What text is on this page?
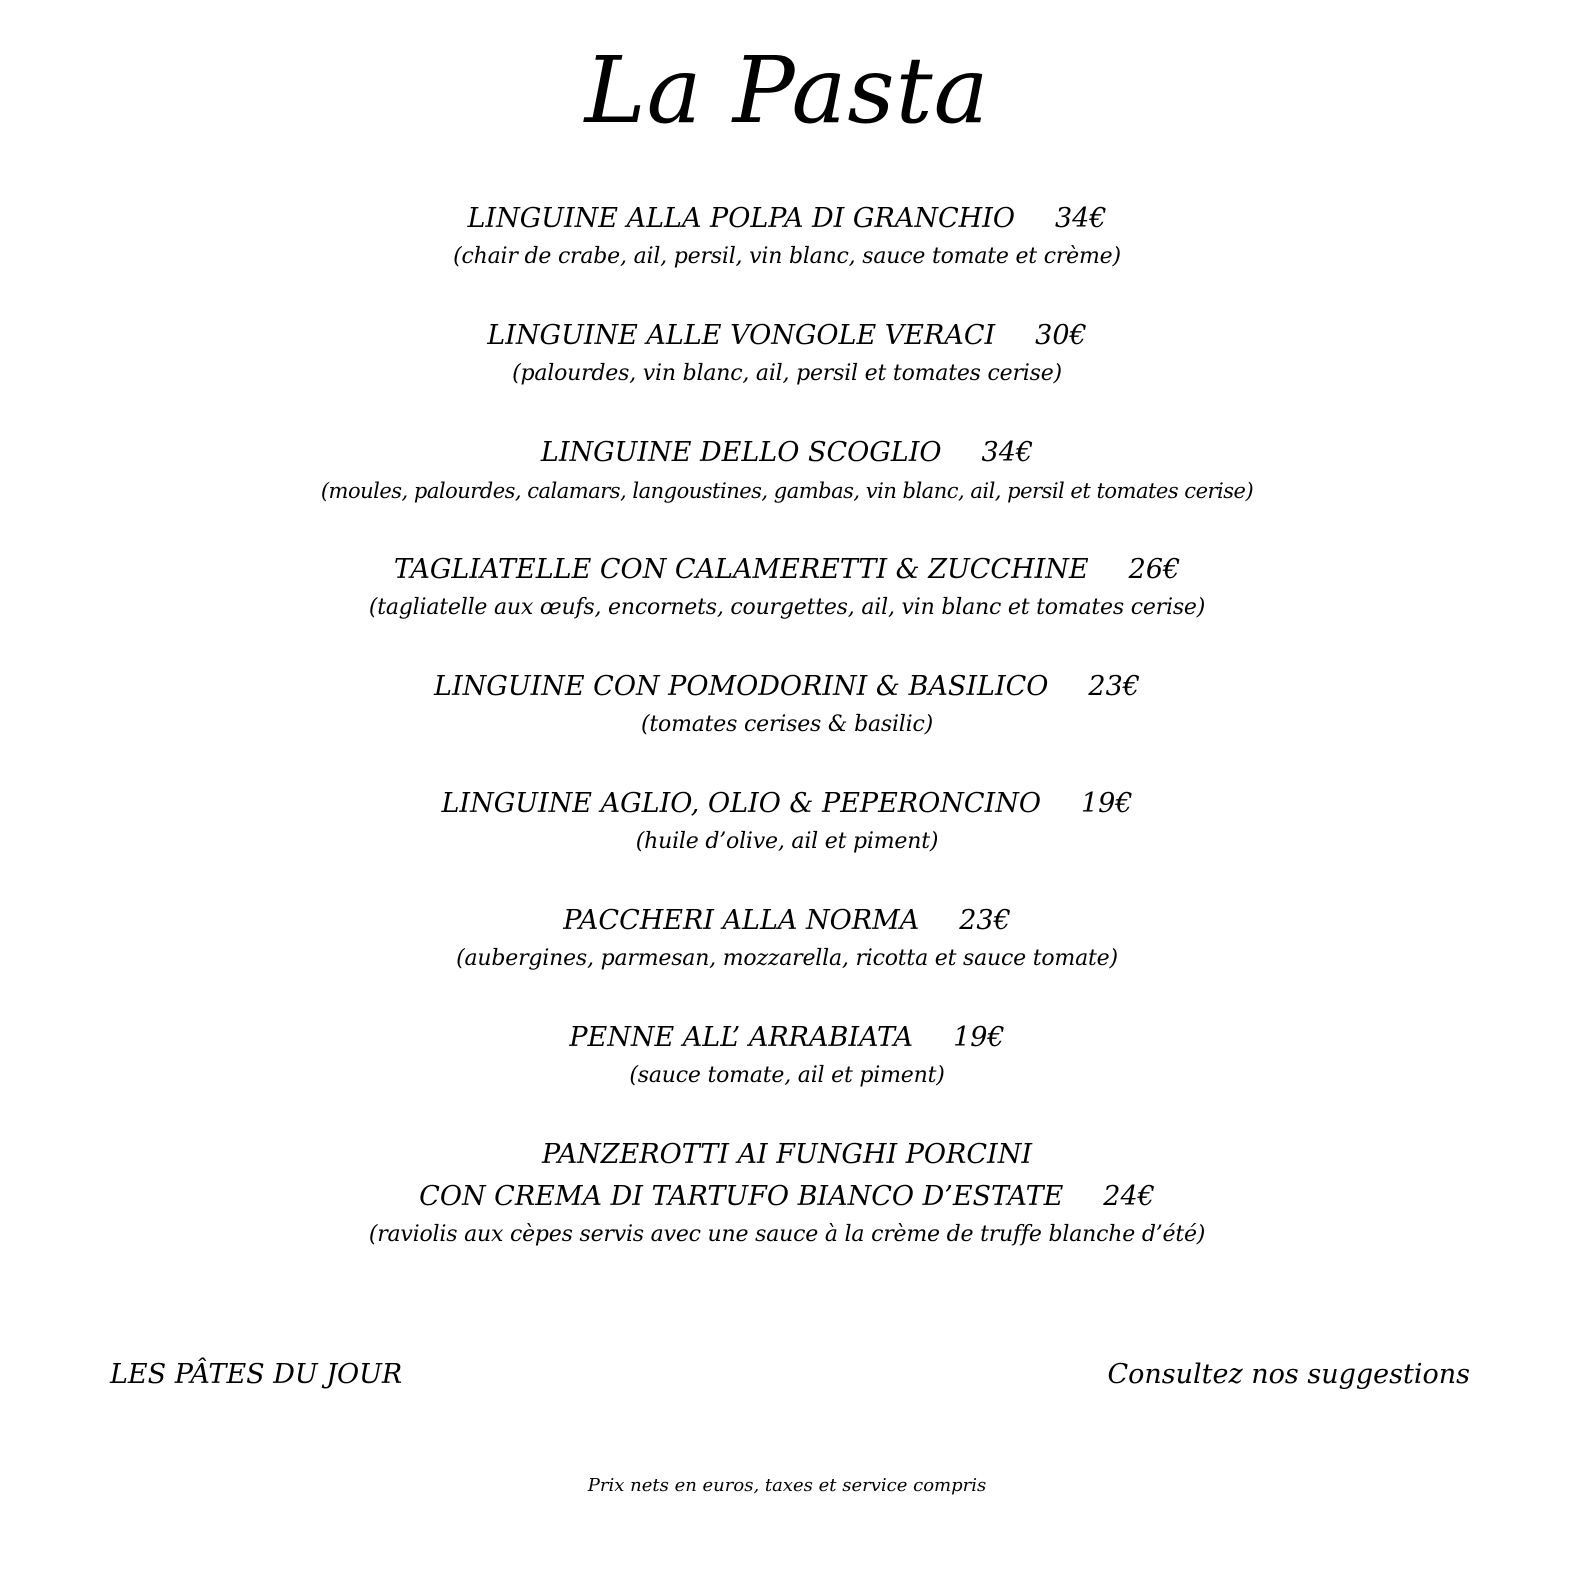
La Pasta
LINGUINE ALLA POLPA DI GRANCHIO 34€
(chair de crabe, ail, persil, vin blanc, sauce tomate et crème)
LINGUINE ALLE VONGOLE VERACI 30€
(palourdes, vin blanc, ail, persil et tomates cerise)
LINGUINE DELLO SCOGLIO 34€
(moules, palourdes, calamars, langoustines, gambas, vin blanc, ail, persil et tomates cerise)
TAGLIATELLE CON CALAMERETTI & ZUCCHINE 26€
(tagliatelle aux œufs, encornets, courgettes, ail, vin blanc et tomates cerise)
LINGUINE CON POMODORINI & BASILICO 23€
(tomates cerises & basilic)
LINGUINE AGLIO, OLIO & PEPERONCINO 19€
(huile d’olive, ail et piment)
PACCHERI ALLA NORMA 23€
(aubergines, parmesan, mozzarella, ricotta et sauce tomate)
PENNE ALL’ ARRABIATA 19€
(sauce tomate, ail et piment)
PANZEROTTI AI FUNGHI PORCINI
CON CREMA DI TARTUFO BIANCO D’ESTATE 24€
(raviolis aux cèpes servis avec une sauce à la crème de truffe blanche d’été)
LES PÂTES DU JOUR	Consultez nos suggestions
Prix nets en euros, taxes et service compris
